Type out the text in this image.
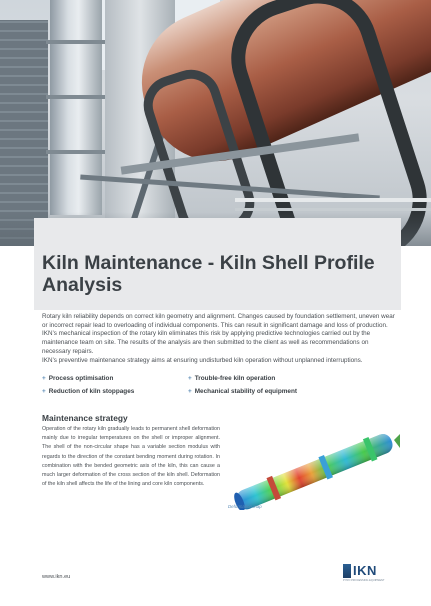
Kiln Maintenance - Kiln Shell Profile Analysis

Rotary kiln reliability depends on correct kiln geometry and alignment. Changes caused by foundation settlement, uneven wear or incorrect repair lead to overloading of individual components. This can result in significant damage and loss of production. IKN’s mechanical inspection of the rotary kiln eliminates this risk by applying predictive technologies carried out by the maintenance team on site. The results of the analysis are then submitted to the client as well as recommendations on necessary repairs.

IKN’s preventive maintenance strategy aims at ensuring undisturbed kiln operation without unplanned interruptions.

+ Process optimisation	+ Trouble-free kiln operation
+ Reduction of kiln stoppages	+ Mechanical stability of equipment
Maintenance strategy

Operation of the rotary kiln gradually leads to permanent shell deformation mainly due to irregular temperatures on the shell or improper alignment. The shell of the non-circular shape has a variable section modulus with regards to the direction of the constant bending moment during rotation. In combination with the bended geometric axis of the kiln, this can cause a much larger deformation of the cross section of the kiln shell. Deformation of the kiln shell affects the life of the lining and core kiln components.

Deformation map
www.ikn.eu	IKN
PYRO PROCESSING EQUIPMENT
